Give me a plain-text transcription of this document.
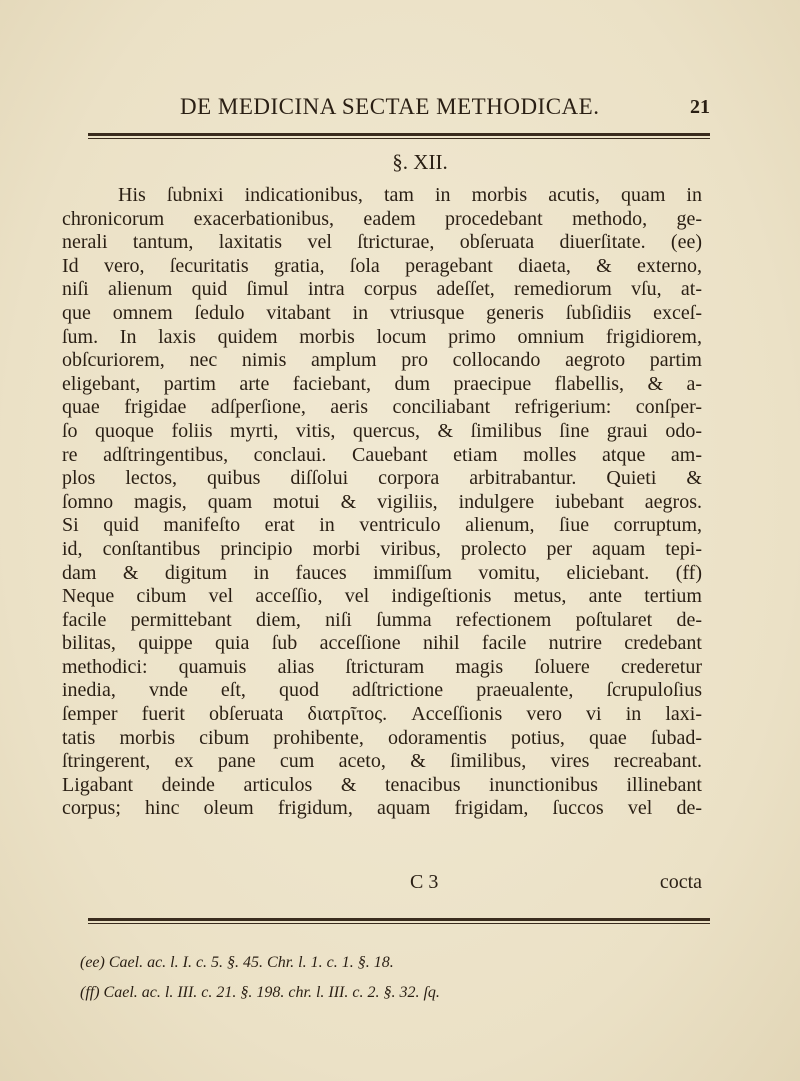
DE MEDICINA SECTAE METHODICAE.	21
§. XII.
His ſubnixi indicationibus, tam in morbis acutis, quam in
chronicorum exacerbationibus, eadem procedebant methodo, ge-
nerali tantum, laxitatis vel ſtricturae, obſeruata diuerſitate. (ee)
Id vero, ſecuritatis gratia, ſola peragebant diaeta, & externo,
niſi alienum quid ſimul intra corpus adeſſet, remediorum vſu, at-
que omnem ſedulo vitabant in vtriusque generis ſubſidiis exceſ-
ſum. In laxis quidem morbis locum primo omnium frigidiorem,
obſcuriorem, nec nimis amplum pro collocando aegroto partim
eligebant, partim arte faciebant, dum praecipue flabellis, & a-
quae frigidae adſperſione, aeris conciliabant refrigerium: conſper-
ſo quoque foliis myrti, vitis, quercus, & ſimilibus ſine graui odo-
re adſtringentibus, conclaui. Cauebant etiam molles atque am-
plos lectos, quibus diſſolui corpora arbitrabantur. Quieti &
ſomno magis, quam motui & vigiliis, indulgere iubebant aegros.
Si quid manifeſto erat in ventriculo alienum, ſiue corruptum,
id, conſtantibus principio morbi viribus, prolecto per aquam tepi-
dam & digitum in fauces immiſſum vomitu, eliciebant. (ff)
Neque cibum vel acceſſio, vel indigeſtionis metus, ante tertium
facile permittebant diem, niſi ſumma refectionem poſtularet de-
bilitas, quippe quia ſub acceſſione nihil facile nutrire credebant
methodici: quamuis alias ſtricturam magis ſoluere crederetur
inedia, vnde eſt, quod adſtrictione praeualente, ſcrupuloſius
ſemper fuerit obſeruata διατρῖτος. Acceſſionis vero vi in laxi-
tatis morbis cibum prohibente, odoramentis potius, quae ſubad-
ſtringerent, ex pane cum aceto, & ſimilibus, vires recreabant.
Ligabant deinde articulos & tenacibus inunctionibus illinebant
corpus; hinc oleum frigidum, aquam frigidam, ſuccos vel de-
C 3	cocta
(ee) Cael. ac. l. I. c. 5. §. 45. Chr. l. 1. c. 1. §. 18.
(ff) Cael. ac. l. III. c. 21. §. 198. chr. l. III. c. 2. §. 32. ſq.
